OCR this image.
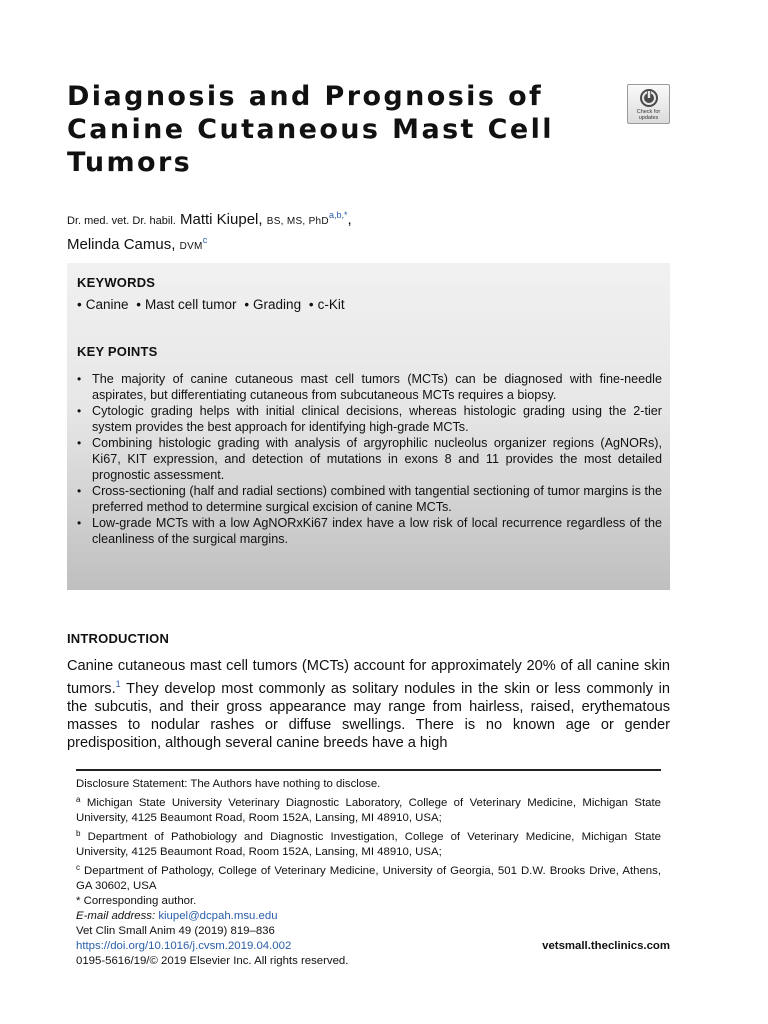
Diagnosis and Prognosis of Canine Cutaneous Mast Cell Tumors
Check for updates
Dr. med. vet. Dr. habil. Matti Kiupel, BS, MS, PhD$^{a,b,*}$,
Melinda Camus, DVM$^c$
KEYWORDS
• Canine • Mast cell tumor • Grading • c-Kit
KEY POINTS
• The majority of canine cutaneous mast cell tumors (MCTs) can be diagnosed with fine-needle aspirates, but differentiating cutaneous from subcutaneous MCTs requires a biopsy.
• Cytologic grading helps with initial clinical decisions, whereas histologic grading using the 2-tier system provides the best approach for identifying high-grade MCTs.
• Combining histologic grading with analysis of argyrophilic nucleolus organizer regions (AgNORs), Ki67, KIT expression, and detection of mutations in exons 8 and 11 provides the most detailed prognostic assessment.
• Cross-sectioning (half and radial sections) combined with tangential sectioning of tumor margins is the preferred method to determine surgical excision of canine MCTs.
• Low-grade MCTs with a low AgNORxKi67 index have a low risk of local recurrence regardless of the cleanliness of the surgical margins.
INTRODUCTION

Canine cutaneous mast cell tumors (MCTs) account for approximately 20% of all canine skin tumors.$^1$ They develop most commonly as solitary nodules in the skin or less commonly in the subcutis, and their gross appearance may range from hairless, raised, erythematous masses to nodular rashes or diffuse swellings. There is no known age or gender predisposition, although several canine breeds have a high

Disclosure Statement: The Authors have nothing to disclose.

$^a$ Michigan State University Veterinary Diagnostic Laboratory, College of Veterinary Medicine, Michigan State University, 4125 Beaumont Road, Room 152A, Lansing, MI 48910, USA;

$^b$ Department of Pathobiology and Diagnostic Investigation, College of Veterinary Medicine, Michigan State University, 4125 Beaumont Road, Room 152A, Lansing, MI 48910, USA;

$^c$ Department of Pathology, College of Veterinary Medicine, University of Georgia, 501 D.W. Brooks Drive, Athens, GA 30602, USA

* Corresponding author.

E-mail address: kiupel@dcpah.msu.edu

Vet Clin Small Anim 49 (2019) 819–836
https://doi.org/10.1016/j.cvsm.2019.04.002
0195-5616/19/© 2019 Elsevier Inc. All rights reserved.
vetsmall.theclinics.com
